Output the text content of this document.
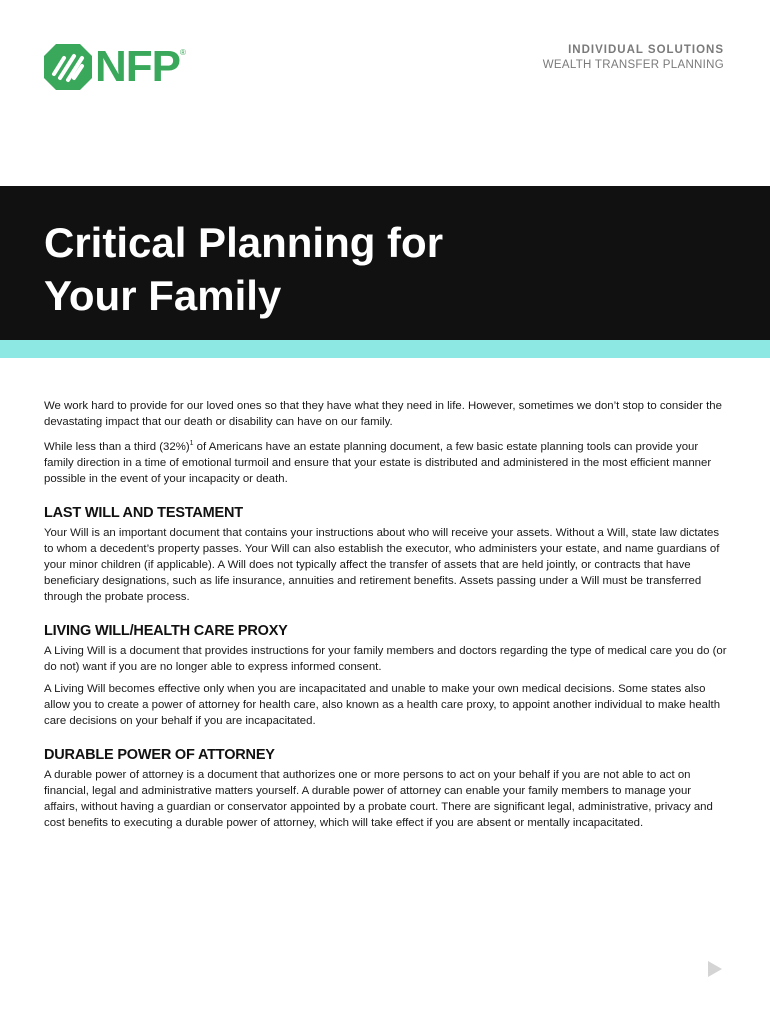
NFP ®	INDIVIDUAL SOLUTIONS
WEALTH TRANSFER PLANNING
Critical Planning for
Your Family

We work hard to provide for our loved ones so that they have what they need in life. However, sometimes we don’t stop to consider the devastating impact that our death or disability can have on our family.

While less than a third $(32\%)^1$ of Americans have an estate planning document, a few basic estate planning tools can provide your family direction in a time of emotional turmoil and ensure that your estate is distributed and administered in the most efficient manner possible in the event of your incapacity or death.

LAST WILL AND TESTAMENT

Your Will is an important document that contains your instructions about who will receive your assets. Without a Will, state law dictates to whom a decedent’s property passes. Your Will can also establish the executor, who administers your estate, and name guardians of your minor children (if applicable). A Will does not typically affect the transfer of assets that are held jointly, or contracts that have beneficiary designations, such as life insurance, annuities and retirement benefits. Assets passing under a Will must be transferred through the probate process.

LIVING WILL/HEALTH CARE PROXY

A Living Will is a document that provides instructions for your family members and doctors regarding the type of medical care you do (or do not) want if you are no longer able to express informed consent.

A Living Will becomes effective only when you are incapacitated and unable to make your own medical decisions. Some states also allow you to create a power of attorney for health care, also known as a health care proxy, to appoint another individual to make health care decisions on your behalf if you are incapacitated.

DURABLE POWER OF ATTORNEY

A durable power of attorney is a document that authorizes one or more persons to act on your behalf if you are not able to act on financial, legal and administrative matters yourself. A durable power of attorney can enable your family members to manage your affairs, without having a guardian or conservator appointed by a probate court. There are significant legal, administrative, privacy and cost benefits to executing a durable power of attorney, which will take effect if you are absent or mentally incapacitated.
